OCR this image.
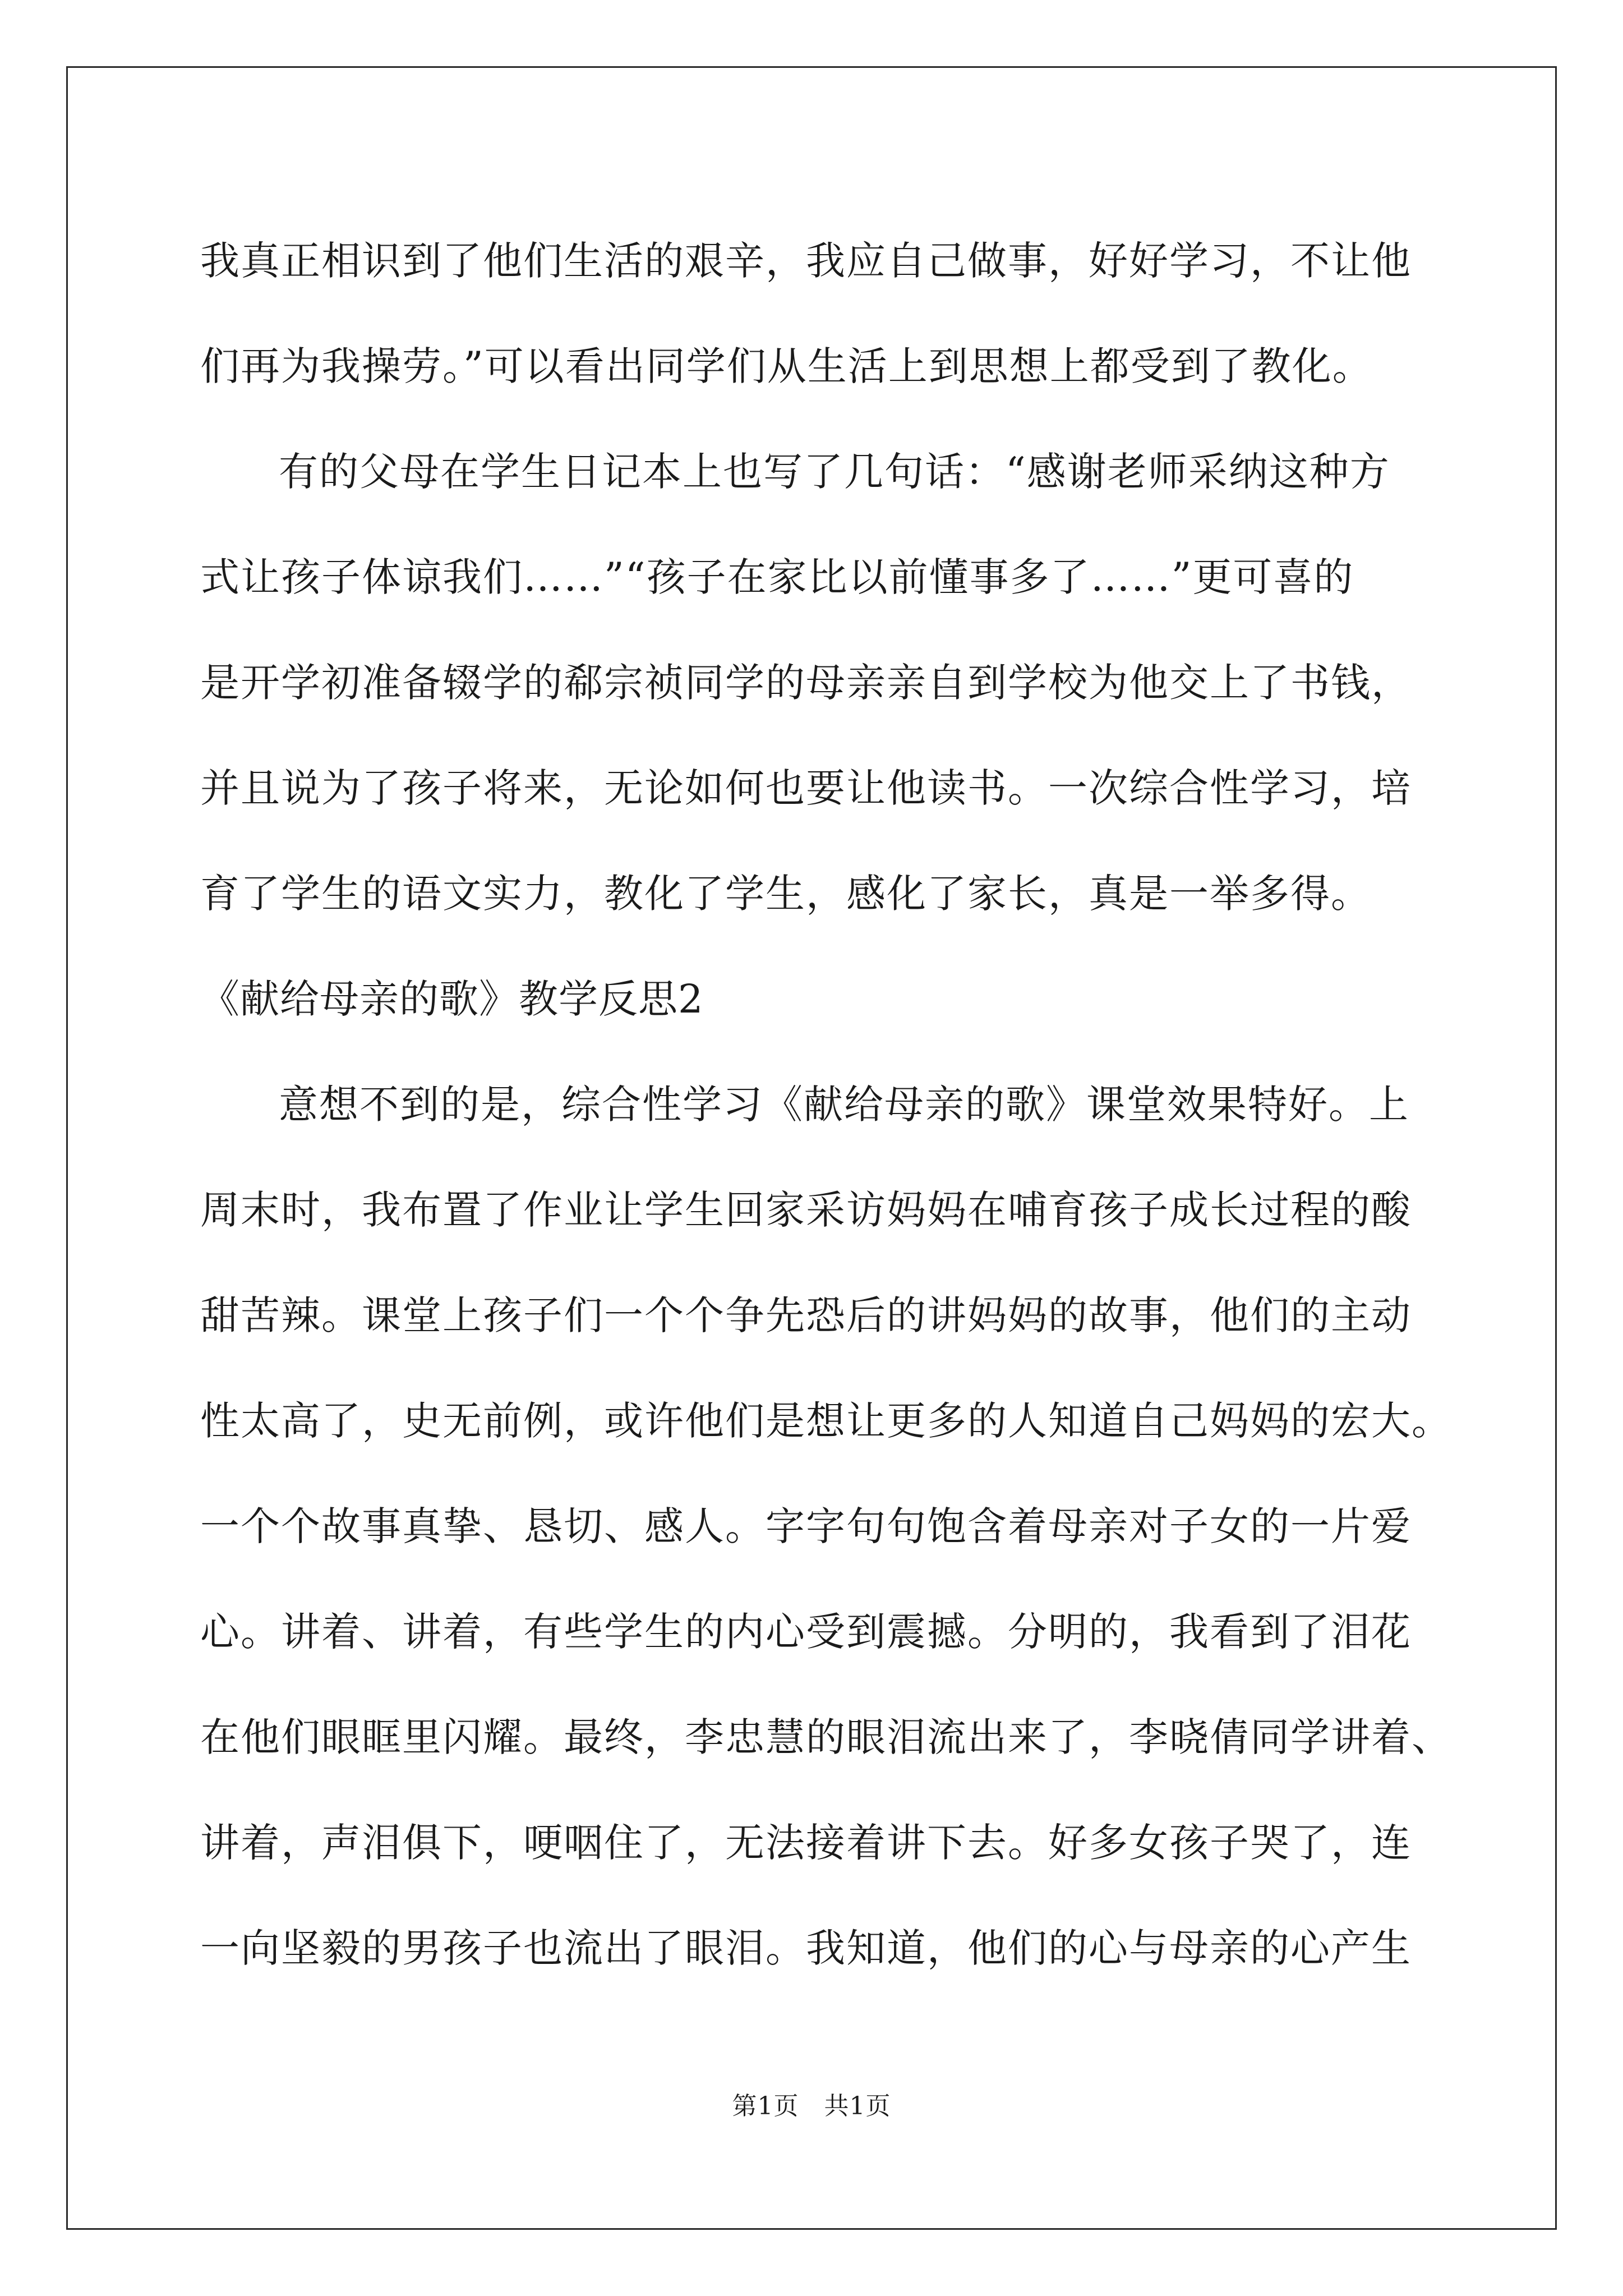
我真正相识到了他们生活的艰辛，我应自己做事，好好学习，不让他
们再为我操劳。”可以看出同学们从生活上到思想上都受到了教化。
有的父母在学生日记本上也写了几句话：“感谢老师采纳这种方
式让孩子体谅我们……”“孩子在家比以前懂事多了……”更可喜的
是开学初准备辍学的郗宗祯同学的母亲亲自到学校为他交上了书钱，
并且说为了孩子将来，无论如何也要让他读书。一次综合性学习，培
育了学生的语文实力，教化了学生，感化了家长，真是一举多得。
《献给母亲的歌》教学反思2
意想不到的是，综合性学习《献给母亲的歌》课堂效果特好。上
周末时，我布置了作业让学生回家采访妈妈在哺育孩子成长过程的酸
甜苦辣。课堂上孩子们一个个争先恐后的讲妈妈的故事，他们的主动
性太高了，史无前例，或许他们是想让更多的人知道自己妈妈的宏大。
一个个故事真挚、恳切、感人。字字句句饱含着母亲对子女的一片爱
心。讲着、讲着，有些学生的内心受到震撼。分明的，我看到了泪花
在他们眼眶里闪耀。最终，李忠慧的眼泪流出来了，李晓倩同学讲着、
讲着，声泪俱下，哽咽住了，无法接着讲下去。好多女孩子哭了，连
一向坚毅的男孩子也流出了眼泪。我知道，他们的心与母亲的心产生
第1页　共1页
